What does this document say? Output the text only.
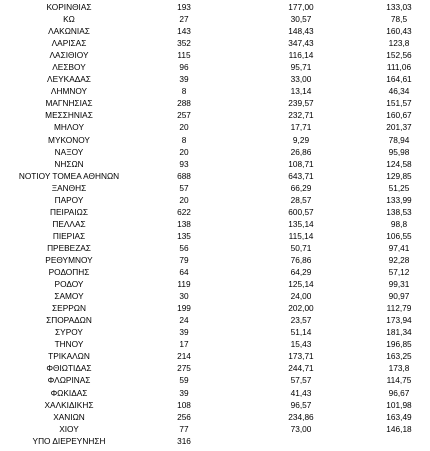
ΚΟΡΙΝΘΙΑΣ	193	177,00	133,03
ΚΩ	27	30,57	78,5
ΛΑΚΩΝΙΑΣ	143	148,43	160,43
ΛΑΡΙΣΑΣ	352	347,43	123,8
ΛΑΣΙΘΙΟΥ	115	116,14	152,56
ΛΕΣΒΟΥ	96	95,71	111,06
ΛΕΥΚΑΔΑΣ	39	33,00	164,61
ΛΗΜΝΟΥ	8	13,14	46,34
ΜΑΓΝΗΣΙΑΣ	288	239,57	151,57
ΜΕΣΣΗΝΙΑΣ	257	232,71	160,67
ΜΗΛΟΥ	20	17,71	201,37
ΜΥΚΟΝΟΥ	8	9,29	78,94
ΝΑΞΟΥ	20	26,86	95,98
ΝΗΣΩΝ	93	108,71	124,58
ΝΟΤΙΟΥ ΤΟΜΕΑ ΑΘΗΝΩΝ	688	643,71	129,85
ΞΑΝΘΗΣ	57	66,29	51,25
ΠΑΡΟΥ	20	28,57	133,99
ΠΕΙΡΑΙΩΣ	622	600,57	138,53
ΠΕΛΛΑΣ	138	135,14	98,8
ΠΙΕΡΙΑΣ	135	115,14	106,55
ΠΡΕΒΕΖΑΣ	56	50,71	97,41
ΡΕΘΥΜΝΟΥ	79	76,86	92,28
ΡΟΔΟΠΗΣ	64	64,29	57,12
ΡΟΔΟΥ	119	125,14	99,31
ΣΑΜΟΥ	30	24,00	90,97
ΣΕΡΡΩΝ	199	202,00	112,79
ΣΠΟΡΑΔΩΝ	24	23,57	173,94
ΣΥΡΟΥ	39	51,14	181,34
ΤΗΝΟΥ	17	15,43	196,85
ΤΡΙΚΑΛΩΝ	214	173,71	163,25
ΦΘΙΩΤΙΔΑΣ	275	244,71	173,8
ΦΛΩΡΙΝΑΣ	59	57,57	114,75
ΦΩΚΙΔΑΣ	39	41,43	96,67
ΧΑΛΚΙΔΙΚΗΣ	108	96,57	101,98
ΧΑΝΙΩΝ	256	234,86	163,49
ΧΙΟΥ	77	73,00	146,18
ΥΠΟ ΔΙΕΡΕΥΝΗΣΗ	316
